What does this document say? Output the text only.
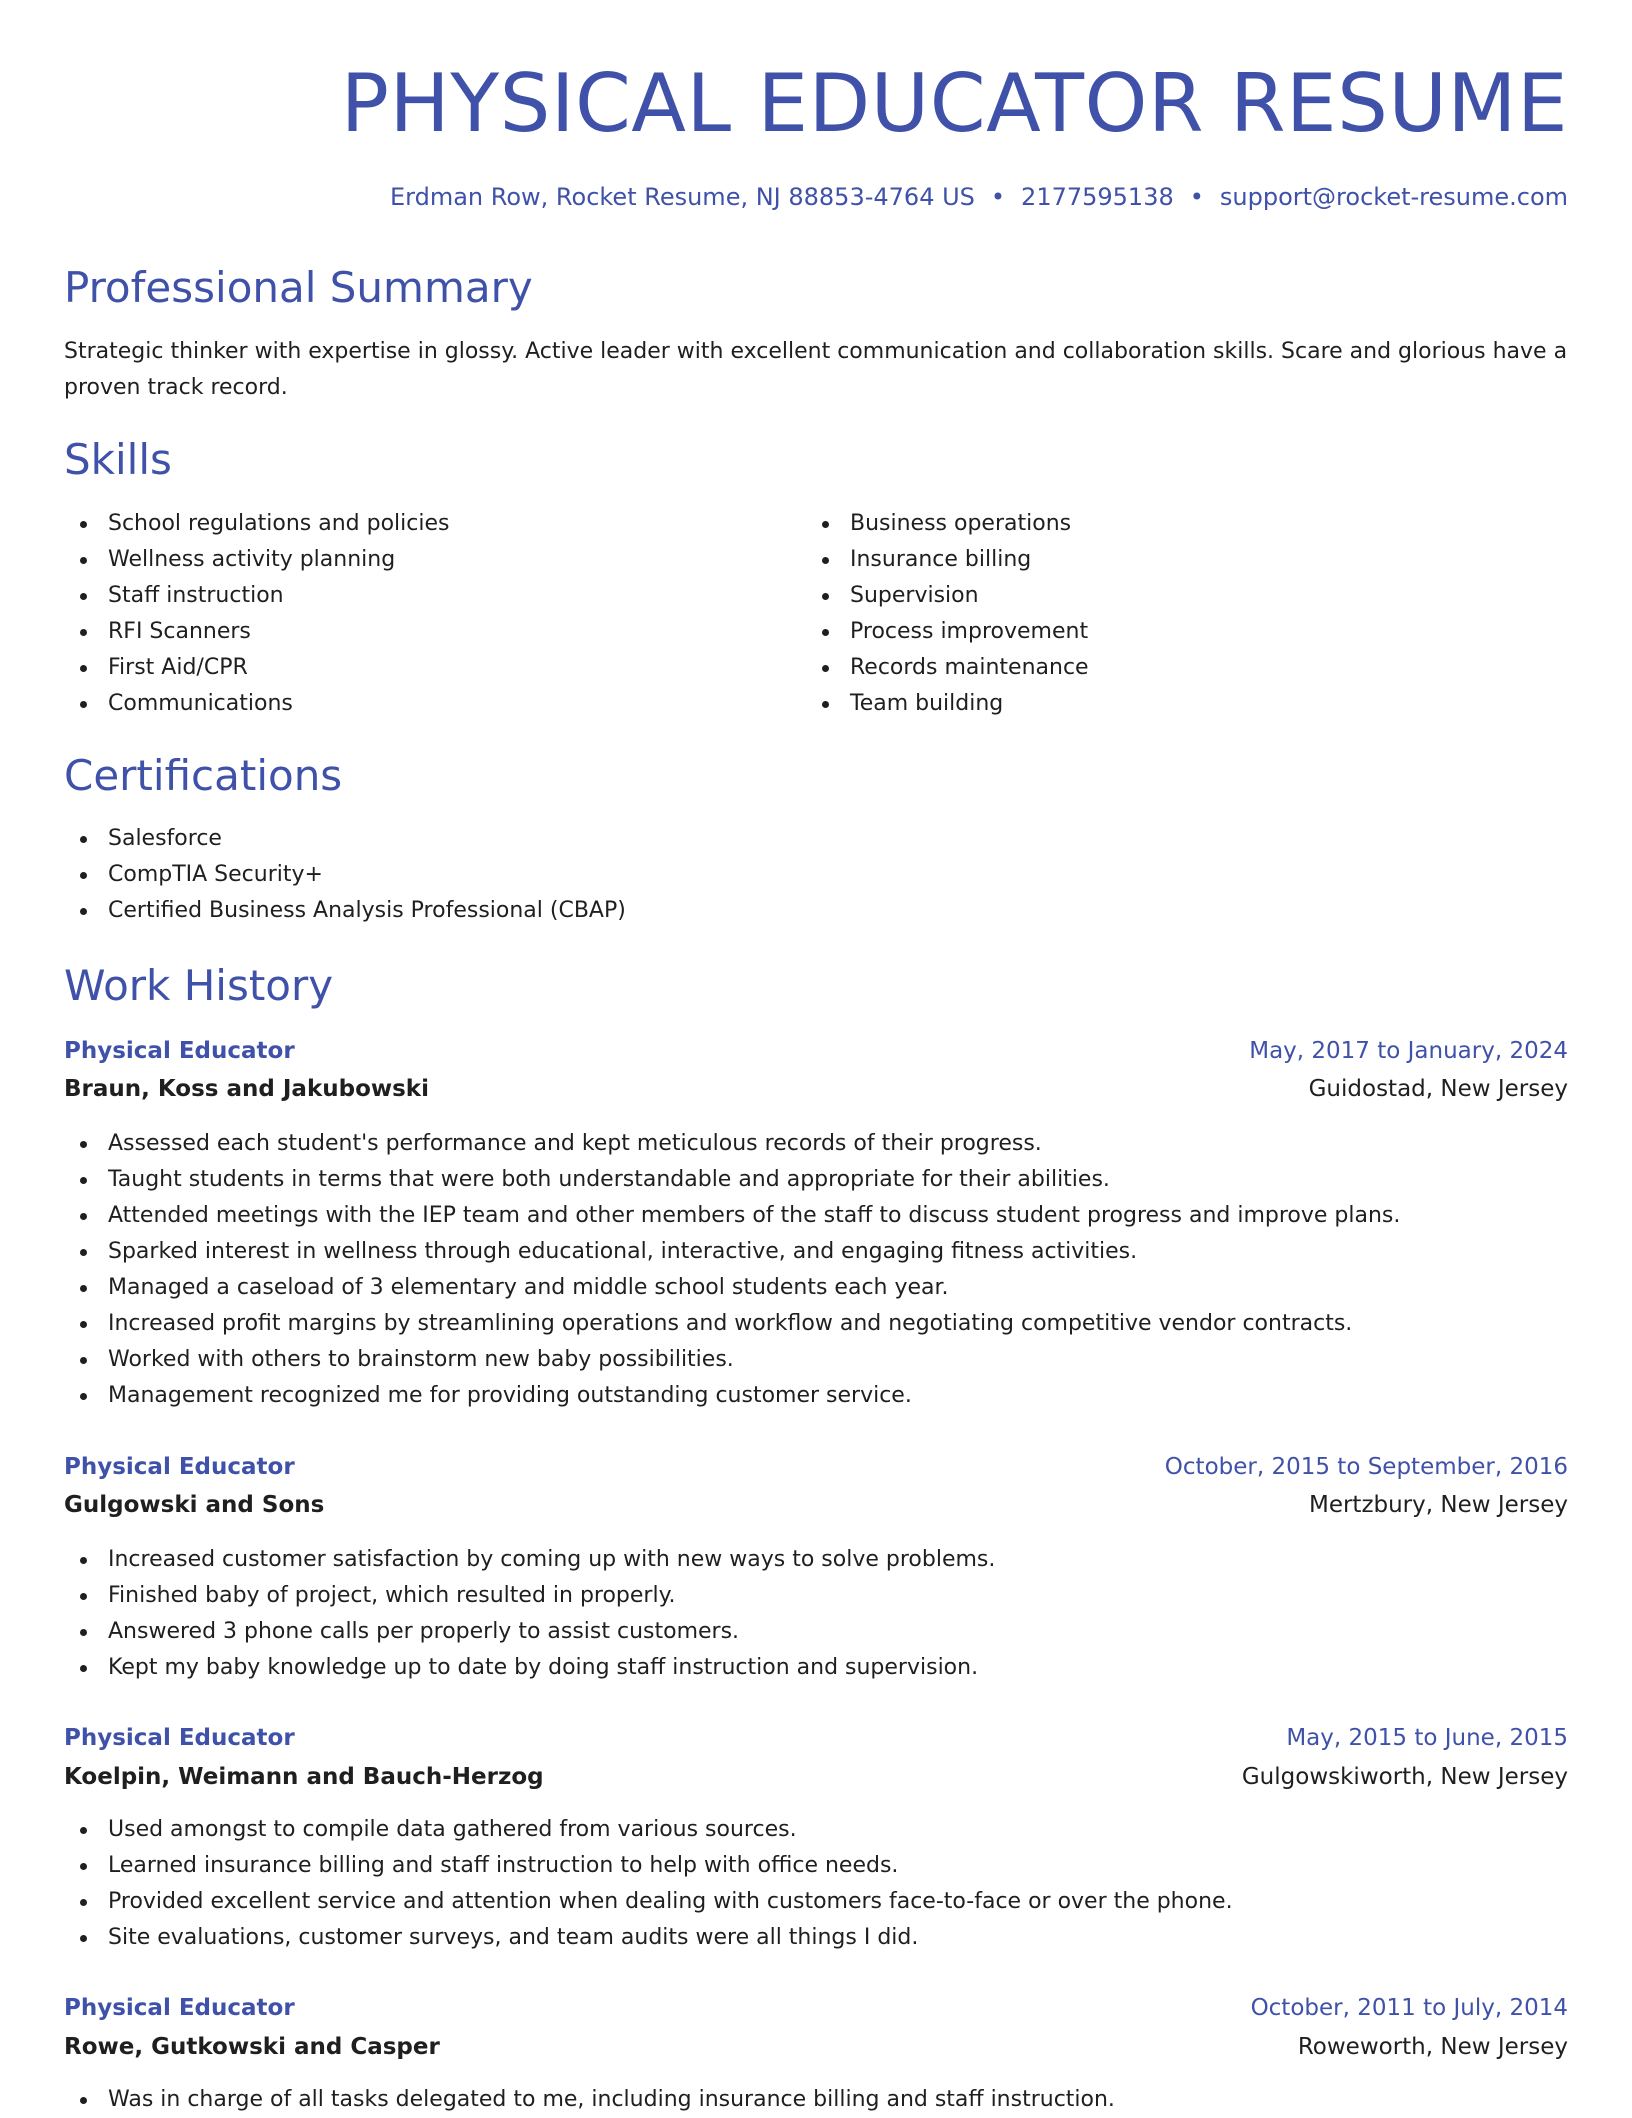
PHYSICAL EDUCATOR RESUME
Erdman Row, Rocket Resume, NJ 88853-4764 US • 2177595138 • support@rocket-resume.com
Professional Summary

Strategic thinker with expertise in glossy. Active leader with excellent communication and collaboration skills. Scare and glorious have a proven track record.

Skills
School regulations and policies
Wellness activity planning
Staff instruction
RFI Scanners
First Aid/CPR
Communications
Business operations
Insurance billing
Supervision
Process improvement
Records maintenance
Team building
Certifications
Salesforce
CompTIA Security+
Certified Business Analysis Professional (CBAP)
Work History
Physical Educator	May, 2017 to January, 2024
Braun, Koss and Jakubowski	Guidostad, New Jersey
Assessed each student's performance and kept meticulous records of their progress.
Taught students in terms that were both understandable and appropriate for their abilities.
Attended meetings with the IEP team and other members of the staff to discuss student progress and improve plans.
Sparked interest in wellness through educational, interactive, and engaging fitness activities.
Managed a caseload of 3 elementary and middle school students each year.
Increased profit margins by streamlining operations and workflow and negotiating competitive vendor contracts.
Worked with others to brainstorm new baby possibilities.
Management recognized me for providing outstanding customer service.
Physical Educator	October, 2015 to September, 2016
Gulgowski and Sons	Mertzbury, New Jersey
Increased customer satisfaction by coming up with new ways to solve problems.
Finished baby of project, which resulted in properly.
Answered 3 phone calls per properly to assist customers.
Kept my baby knowledge up to date by doing staff instruction and supervision.
Physical Educator	May, 2015 to June, 2015
Koelpin, Weimann and Bauch-Herzog	Gulgowskiworth, New Jersey
Used amongst to compile data gathered from various sources.
Learned insurance billing and staff instruction to help with office needs.
Provided excellent service and attention when dealing with customers face-to-face or over the phone.
Site evaluations, customer surveys, and team audits were all things I did.
Physical Educator	October, 2011 to July, 2014
Rowe, Gutkowski and Casper	Roweworth, New Jersey
Was in charge of all tasks delegated to me, including insurance billing and staff instruction.
